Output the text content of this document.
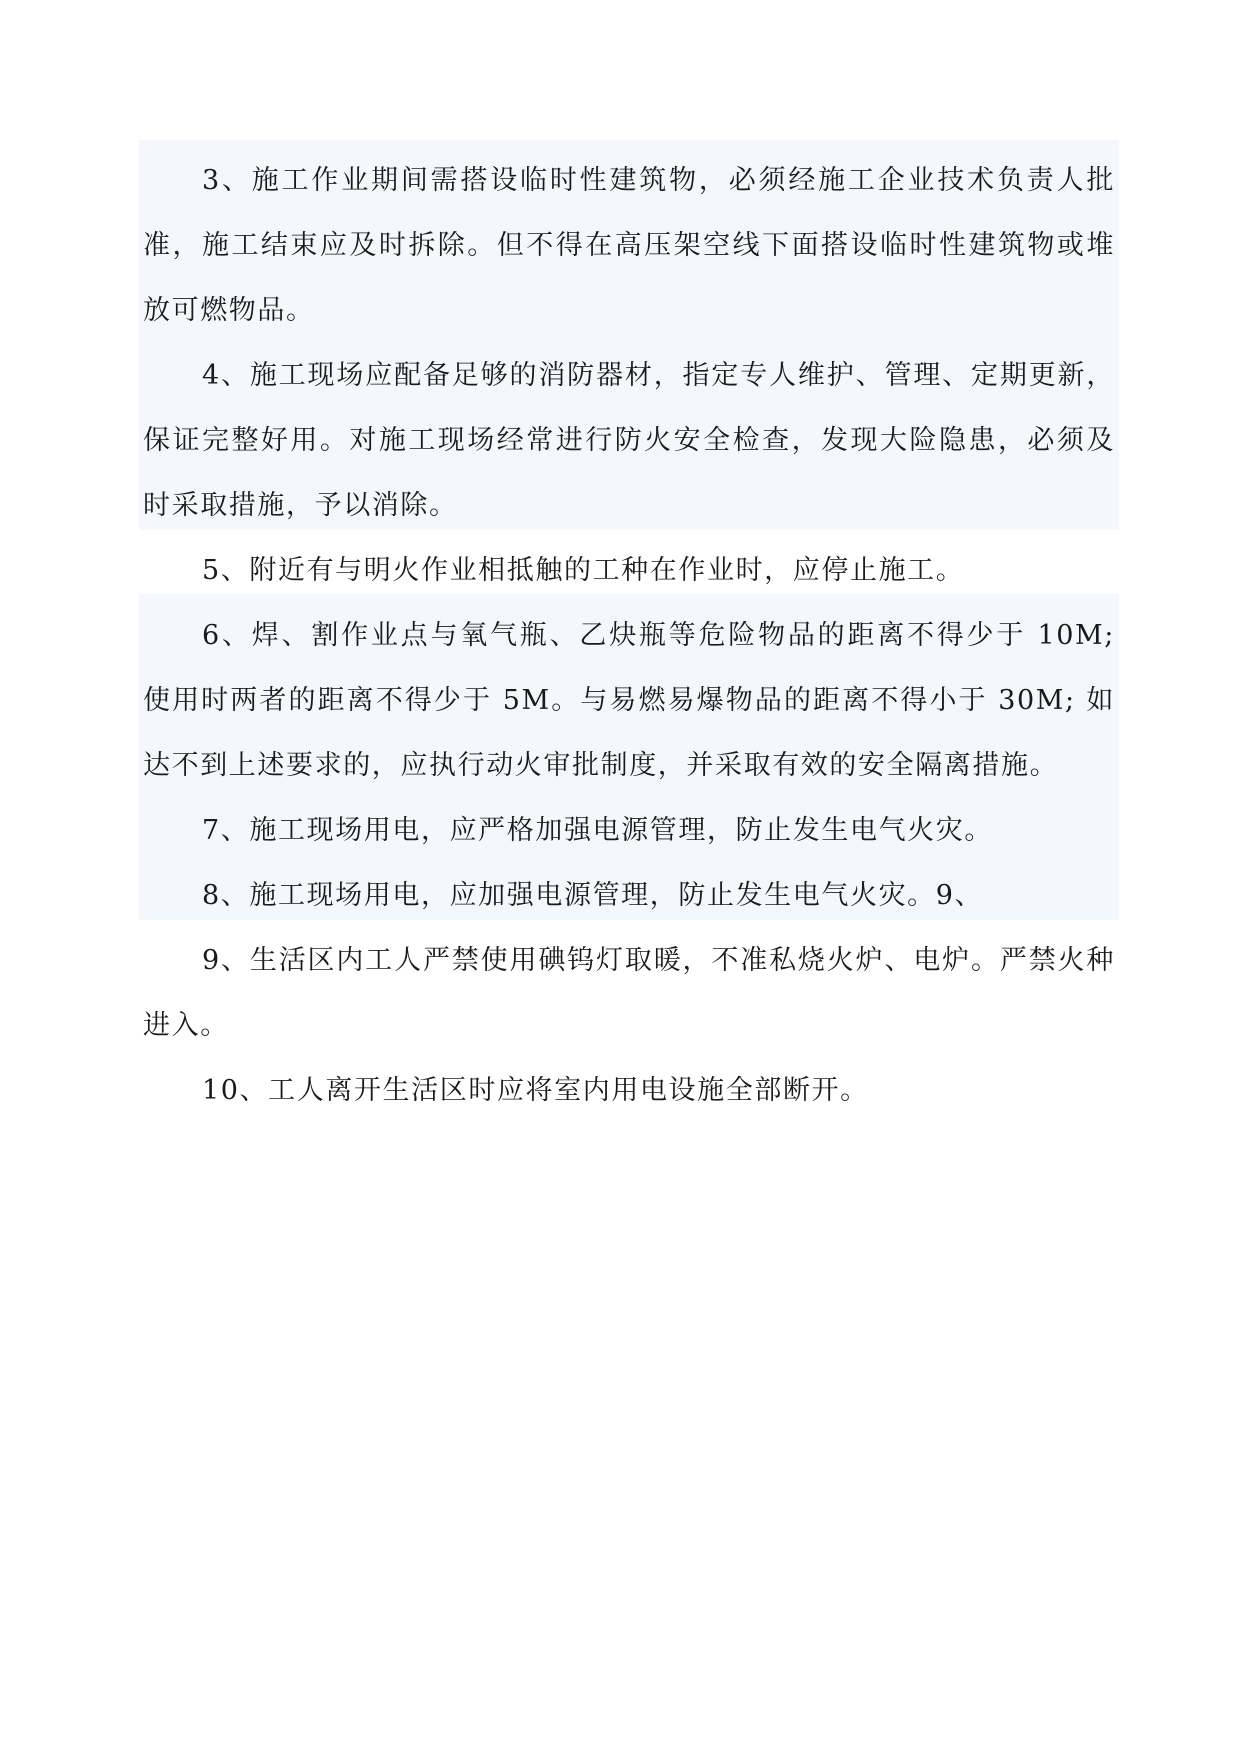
3、施工作业期间需搭设临时性建筑物，必须经施工企业技术负责人批准，施工结束应及时拆除。但不得在高压架空线下面搭设临时性建筑物或堆放可燃物品。

4、施工现场应配备足够的消防器材，指定专人维护、管理、定期更新，保证完整好用。对施工现场经常进行防火安全检查，发现大险隐患，必须及时采取措施，予以消除。

5、附近有与明火作业相抵触的工种在作业时，应停止施工。

6、焊、割作业点与氧气瓶、乙炔瓶等危险物品的距离不得少于 10M; 使用时两者的距离不得少于 5M。与易燃易爆物品的距离不得小于 30M; 如达不到上述要求的，应执行动火审批制度，并采取有效的安全隔离措施。

7、施工现场用电，应严格加强电源管理，防止发生电气火灾。

8、施工现场用电，应加强电源管理，防止发生电气火灾。9、

9、生活区内工人严禁使用碘钨灯取暖，不准私烧火炉、电炉。严禁火种进入。

10、工人离开生活区时应将室内用电设施全部断开。
